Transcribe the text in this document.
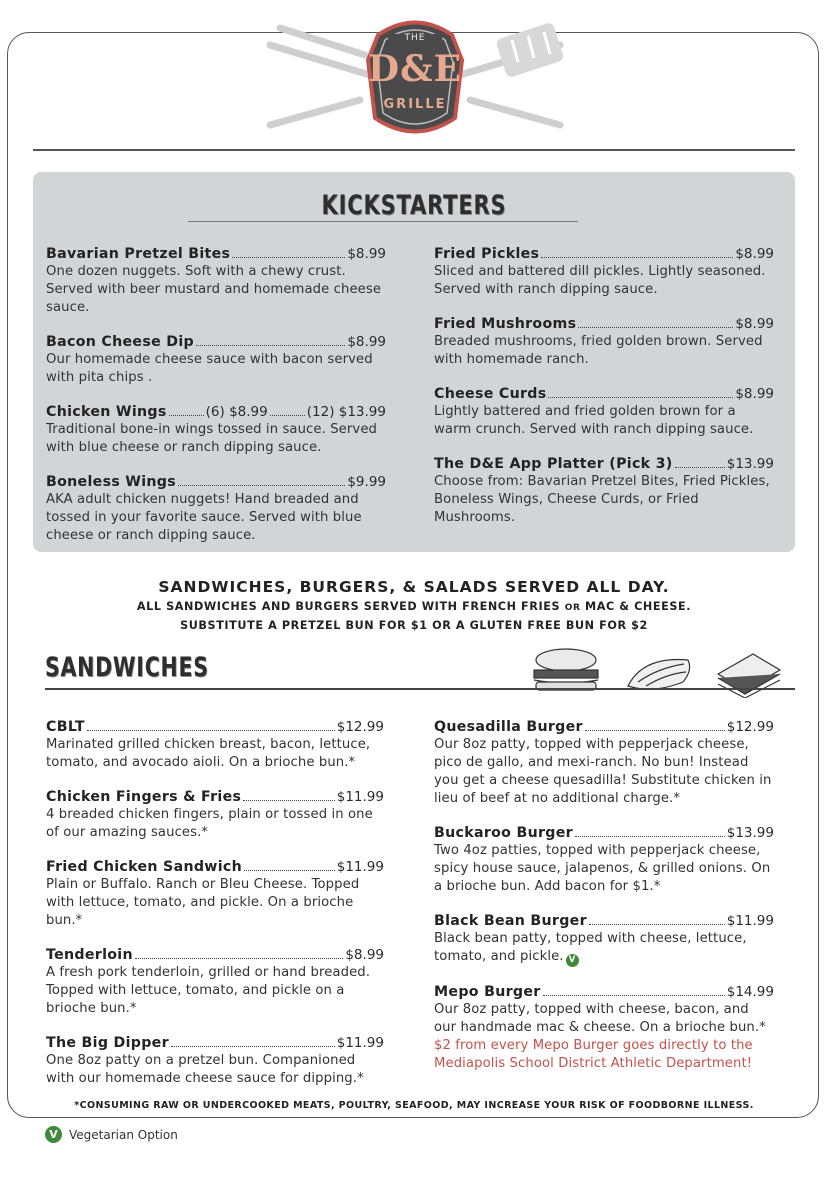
THE
D&E
GRILLE
KICKSTARTERS
Bavarian Pretzel Bites	$8.99
One dozen nuggets. Soft with a chewy crust. Served with beer mustard and homemade cheese sauce.
Bacon Cheese Dip	$8.99
Our homemade cheese sauce with bacon served with pita chips .
Chicken Wings	(6) $8.99	(12) $13.99
Traditional bone-in wings tossed in sauce. Served with blue cheese or ranch dipping sauce.
Boneless Wings	$9.99
AKA adult chicken nuggets! Hand breaded and tossed in your favorite sauce. Served with blue cheese or ranch dipping sauce.
Fried Pickles	$8.99
Sliced and battered dill pickles. Lightly seasoned. Served with ranch dipping sauce.
Fried Mushrooms	$8.99
Breaded mushrooms, fried golden brown. Served with homemade ranch.
Cheese Curds	$8.99
Lightly battered and fried golden brown for a warm crunch. Served with ranch dipping sauce.
The D&E App Platter (Pick 3)	$13.99
Choose from: Bavarian Pretzel Bites, Fried Pickles, Boneless Wings, Cheese Curds, or Fried Mushrooms.
SANDWICHES, BURGERS, & SALADS SERVED ALL DAY.
ALL SANDWICHES AND BURGERS SERVED WITH FRENCH FRIES OR MAC & CHEESE.
SUBSTITUTE A PRETZEL BUN FOR $1 OR A GLUTEN FREE BUN FOR $2
SANDWICHES
CBLT	$12.99
Marinated grilled chicken breast, bacon, lettuce, tomato, and avocado aioli. On a brioche bun.*
Chicken Fingers & Fries	$11.99
4 breaded chicken fingers, plain or tossed in one of our amazing sauces.*
Fried Chicken Sandwich	$11.99
Plain or Buffalo. Ranch or Bleu Cheese. Topped with lettuce, tomato, and pickle. On a brioche bun.*
Tenderloin	$8.99
A fresh pork tenderloin, grilled or hand breaded. Topped with lettuce, tomato, and pickle on a brioche bun.*
The Big Dipper	$11.99
One 8oz patty on a pretzel bun. Companioned with our homemade cheese sauce for dipping.*
Quesadilla Burger	$12.99
Our 8oz patty, topped with pepperjack cheese, pico de gallo, and mexi-ranch. No bun! Instead you get a cheese quesadilla! Substitute chicken in lieu of beef at no additional charge.*
Buckaroo Burger	$13.99
Two 4oz patties, topped with pepperjack cheese, spicy house sauce, jalapenos, & grilled onions. On a brioche bun. Add bacon for $1.*
Black Bean Burger	$11.99
Black bean patty, topped with cheese, lettuce, tomato, and pickle. V
Mepo Burger	$14.99
Our 8oz patty, topped with cheese, bacon, and our handmade mac & cheese. On a brioche bun.*
$2 from every Mepo Burger goes directly to the Mediapolis School District Athletic Department!
*CONSUMING RAW OR UNDERCOOKED MEATS, POULTRY, SEAFOOD, MAY INCREASE YOUR RISK OF FOODBORNE ILLNESS.
V Vegetarian Option
